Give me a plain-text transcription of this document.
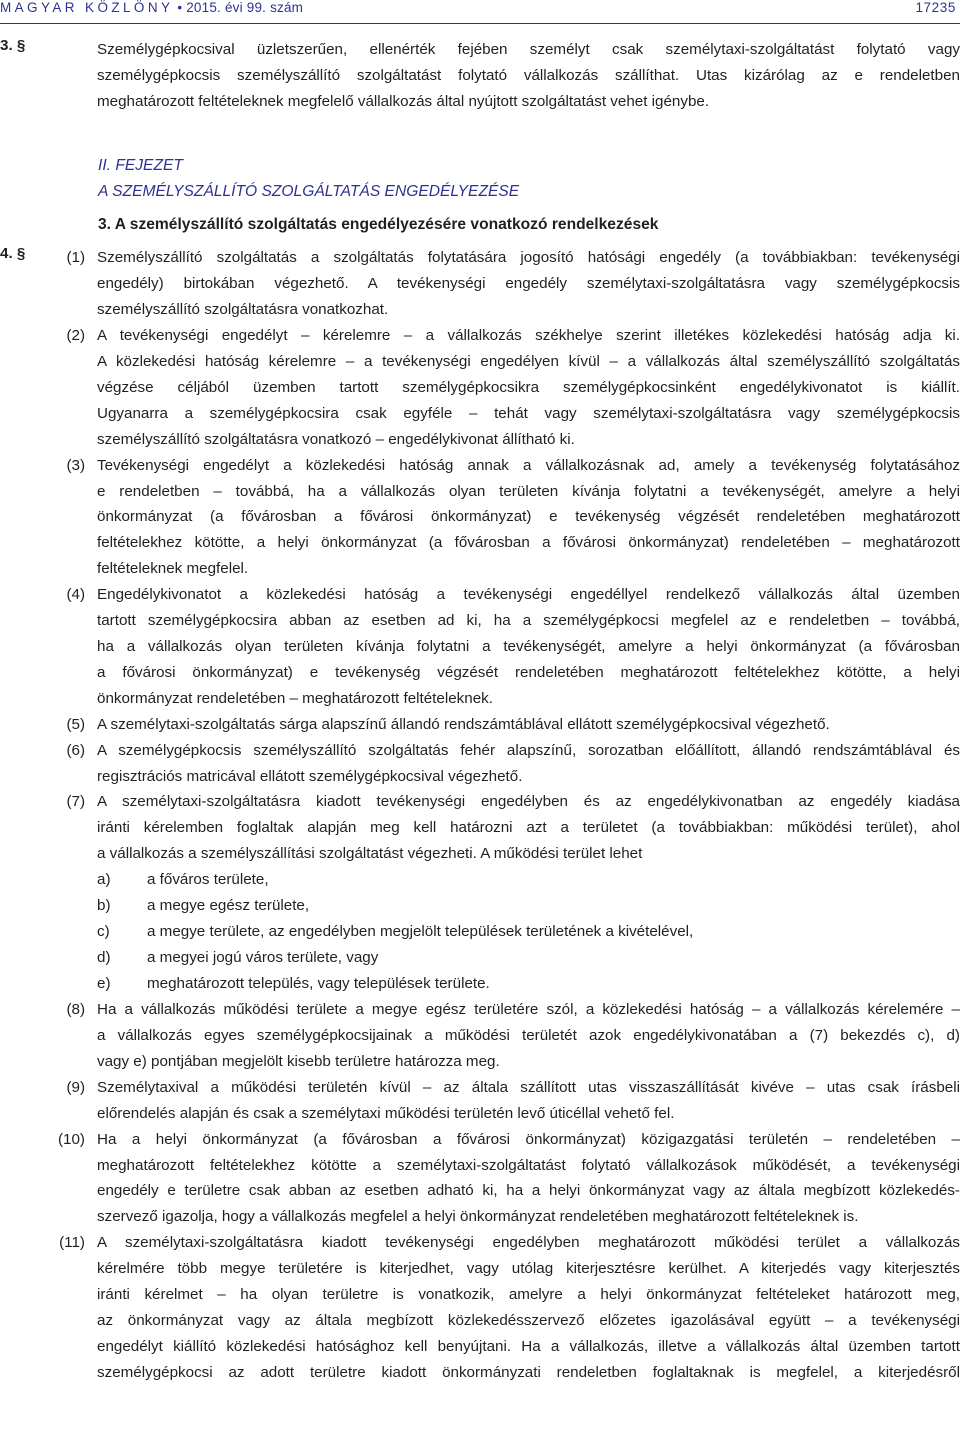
MAGYAR KÖZLÖNY • 2015. évi 99. szám	17235
3. §	Személygépkocsival üzletszerűen, ellenérték fejében személyt csak személytaxi-szolgáltatást folytató vagy

személygépkocsis személyszállító szolgáltatást folytató vállalkozás szállíthat. Utas kizárólag az e rendeletben

meghatározott feltételeknek megfelelő vállalkozás által nyújtott szolgáltatást vehet igénybe.

II. FEJEZET
A SZEMÉLYSZÁLLÍTÓ SZOLGÁLTATÁS ENGEDÉLYEZÉSE
3. A személyszállító szolgáltatás engedélyezésére vonatkozó rendelkezések
4. §	(1) Személyszállító szolgáltatás a szolgáltatás folytatására jogosító hatósági engedély (a továbbiakban: tevékenységi
engedély) birtokában végezhető. A tevékenységi engedély személytaxi-szolgáltatásra vagy személygépkocsis
személyszállító szolgáltatásra vonatkozhat.
(2) A tevékenységi engedélyt – kérelemre – a vállalkozás székhelye szerint illetékes közlekedési hatóság adja ki.
A közlekedési hatóság kérelemre – a tevékenységi engedélyen kívül – a vállalkozás által személyszállító szolgáltatás
végzése céljából üzemben tartott személygépkocsikra személygépkocsinként engedélykivonatot is kiállít.
Ugyanarra a személygépkocsira csak egyféle – tehát vagy személytaxi-szolgáltatásra vagy személygépkocsis
személyszállító szolgáltatásra vonatkozó – engedélykivonat állítható ki.
(3) Tevékenységi engedélyt a közlekedési hatóság annak a vállalkozásnak ad, amely a tevékenység folytatásához
e rendeletben – továbbá, ha a vállalkozás olyan területen kívánja folytatni a tevékenységét, amelyre a helyi
önkormányzat (a fővárosban a fővárosi önkormányzat) e tevékenység végzését rendeletében meghatározott
feltételekhez kötötte, a helyi önkormányzat (a fővárosban a fővárosi önkormányzat) rendeletében – meghatározott
feltételeknek megfelel.
(4) Engedélykivonatot a közlekedési hatóság a tevékenységi engedéllyel rendelkező vállalkozás által üzemben
tartott személygépkocsira abban az esetben ad ki, ha a személygépkocsi megfelel az e rendeletben – továbbá,
ha a vállalkozás olyan területen kívánja folytatni a tevékenységét, amelyre a helyi önkormányzat (a fővárosban
a fővárosi önkormányzat) e tevékenység végzését rendeletében meghatározott feltételekhez kötötte, a helyi
önkormányzat rendeletében – meghatározott feltételeknek.
(5) A személytaxi-szolgáltatás sárga alapszínű állandó rendszámtáblával ellátott személygépkocsival végezhető.
(6) A személygépkocsis személyszállító szolgáltatás fehér alapszínű, sorozatban előállított, állandó rendszámtáblával és
regisztrációs matricával ellátott személygépkocsival végezhető.
(7) A személytaxi-szolgáltatásra kiadott tevékenységi engedélyben és az engedélykivonatban az engedély kiadása
iránti kérelemben foglaltak alapján meg kell határozni azt a területet (a továbbiakban: működési terület), ahol
a vállalkozás a személyszállítási szolgáltatást végezheti. A működési terület lehet
a) a főváros területe,
b) a megye egész területe,
c) a megye területe, az engedélyben megjelölt települések területének a kivételével,
d) a megyei jogú város területe, vagy
e) meghatározott település, vagy települések területe.
(8) Ha a vállalkozás működési területe a megye egész területére szól, a közlekedési hatóság – a vállalkozás kérelemére –
a vállalkozás egyes személygépkocsijainak a működési területét azok engedélykivonatában a (7) bekezdés c), d)
vagy e) pontjában megjelölt kisebb területre határozza meg.
(9) Személytaxival a működési területén kívül – az általa szállított utas visszaszállítását kivéve – utas csak írásbeli
előrendelés alapján és csak a személytaxi működési területén levő úticéllal vehető fel.
(10) Ha a helyi önkormányzat (a fővárosban a fővárosi önkormányzat) közigazgatási területén – rendeletében –
meghatározott feltételekhez kötötte a személytaxi-szolgáltatást folytató vállalkozások működését, a tevékenységi
engedély e területre csak abban az esetben adható ki, ha a helyi önkormányzat vagy az általa megbízott közlekedés-
szervező igazolja, hogy a vállalkozás megfelel a helyi önkormányzat rendeletében meghatározott feltételeknek is.
(11) A személytaxi-szolgáltatásra kiadott tevékenységi engedélyben meghatározott működési terület a vállalkozás
kérelmére több megye területére is kiterjedhet, vagy utólag kiterjesztésre kerülhet. A kiterjedés vagy kiterjesztés
iránti kérelmet – ha olyan területre is vonatkozik, amelyre a helyi önkormányzat feltételeket határozott meg,
az önkormányzat vagy az általa megbízott közlekedésszervező előzetes igazolásával együtt – a tevékenységi
engedélyt kiállító közlekedési hatósághoz kell benyújtani. Ha a vállalkozás, illetve a vállalkozás által üzemben tartott
személygépkocsi az adott területre kiadott önkormányzati rendeletben foglaltaknak is megfelel, a kiterjedésről
